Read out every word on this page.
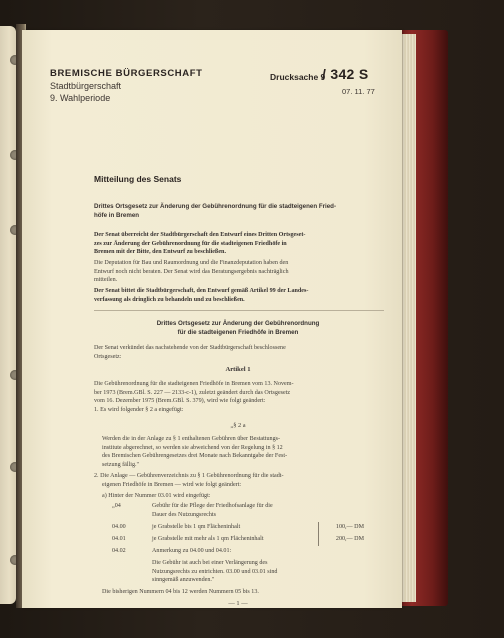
BREMISCHE BÜRGERSCHAFT
Stadtbürgerschaft
9. Wahlperiode
Drucksache 9
/ 342 S
07. 11. 77
Mitteilung des Senats
Drittes Ortsgesetz zur Änderung der Gebührenordnung für die stadteigenen Fried-
höfe in Bremen
Der Senat überreicht der Stadtbürgerschaft den Entwurf eines Dritten Ortsgeset-
zes zur Änderung der Gebührenordnung für die stadteigenen Friedhöfe in
Bremen mit der Bitte, den Entwurf zu beschließen.
Die Deputation für Bau und Raumordnung und die Finanzdeputation haben den
Entwurf noch nicht beraten. Der Senat wird das Beratungsergebnis nachträglich
mitteilen.
Der Senat bittet die Stadtbürgerschaft, den Entwurf gemäß Artikel 99 der Landes-
verfassung als dringlich zu behandeln und zu beschließen.
Drittes Ortsgesetz zur Änderung der Gebührenordnung
für die stadteigenen Friedhöfe in Bremen
Der Senat verkündet das nachstehende von der Stadtbürgerschaft beschlossene
Ortsgesetz:
Artikel 1
Die Gebührenordnung für die stadteigenen Friedhöfe in Bremen vom 13. Novem-
ber 1973 (Brem.GBl. S. 227 — 2133-c-1), zuletzt geändert durch das Ortsgesetz
vom 16. Dezember 1975 (Brem.GBl. S. 379), wird wie folgt geändert:
1. Es wird folgender § 2 a eingefügt:
„§ 2 a
Werden die in der Anlage zu § 1 enthaltenen Gebühren über Bestattungs-
institute abgerechnet, so werden sie abweichend von der Regelung in § 12
des Bremischen Gebührengesetzes drei Monate nach Bekanntgabe der Fest-
setzung fällig."
2. Die Anlage — Gebührenverzeichnis zu § 1 Gebührenordnung für die stadt-
eigenen Friedhöfe in Bremen — wird wie folgt geändert:
a) Hinter der Nummer 03.01 wird eingefügt:
„04	Gebühr für die Pflege der Friedhofsanlage für die
Dauer des Nutzungsrechts
04.00	je Grabstelle bis 1 qm Flächeninhalt	100,— DM
04.01	je Grabstelle mit mehr als 1 qm Flächeninhalt	200,— DM
04.02	Anmerkung zu 04.00 und 04.01:
Die Gebühr ist auch bei einer Verlängerung des
Nutzungsrechts zu entrichten. 03.00 und 03.01 sind
sinngemäß anzuwenden."
Die bisherigen Nummern 04 bis 12 werden Nummern 05 bis 13.
— 1 —
